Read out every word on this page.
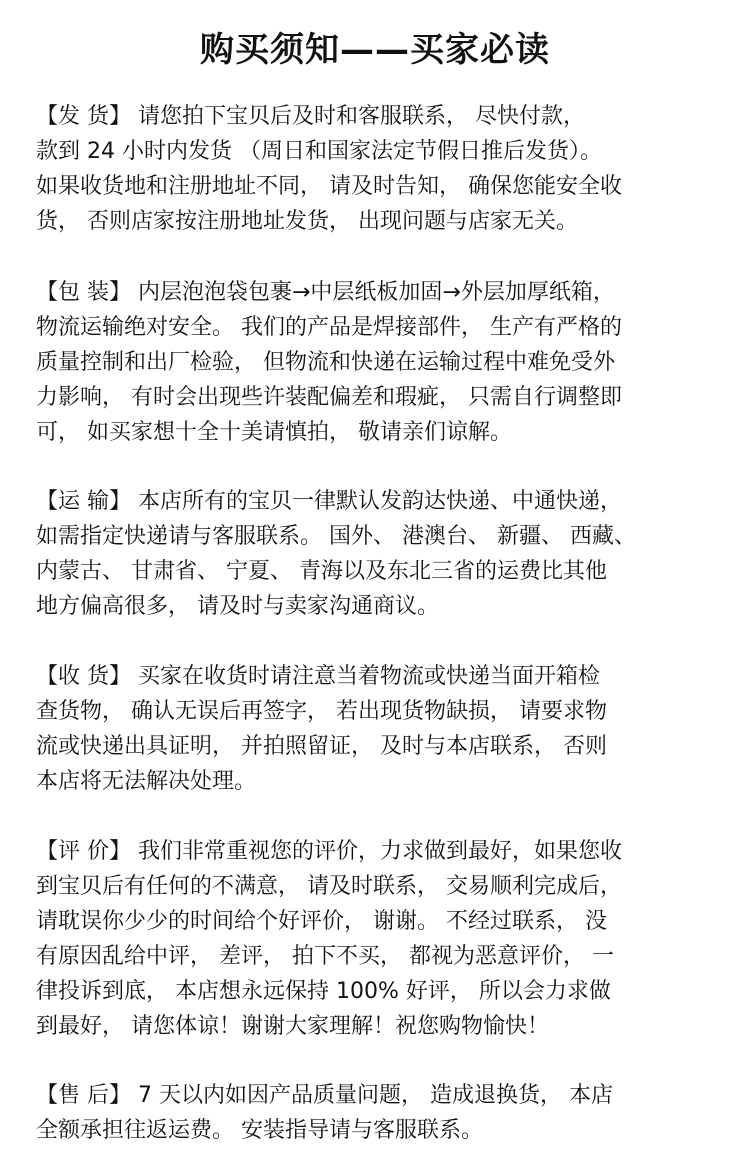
购买须知——买家必读
【发 货】 请您拍下宝贝后及时和客服联系， 尽快付款，
款到 24 小时内发货 （周日和国家法定节假日推后发货）。
如果收货地和注册地址不同， 请及时告知， 确保您能安全收
货， 否则店家按注册地址发货， 出现问题与店家无关。
【包 装】 内层泡泡袋包裹→中层纸板加固→外层加厚纸箱，
物流运输绝对安全。 我们的产品是焊接部件， 生产有严格的
质量控制和出厂检验， 但物流和快递在运输过程中难免受外
力影响， 有时会出现些许装配偏差和瑕疵， 只需自行调整即
可， 如买家想十全十美请慎拍， 敬请亲们谅解。
【运 输】 本店所有的宝贝一律默认发韵达快递、中通快递，
如需指定快递请与客服联系。 国外、 港澳台、 新疆、 西藏、
内蒙古、 甘肃省、 宁夏、 青海以及东北三省的运费比其他
地方偏高很多， 请及时与卖家沟通商议。
【收 货】 买家在收货时请注意当着物流或快递当面开箱检
查货物， 确认无误后再签字， 若出现货物缺损， 请要求物
流或快递出具证明， 并拍照留证， 及时与本店联系， 否则
本店将无法解决处理。
【评 价】 我们非常重视您的评价，力求做到最好，如果您收
到宝贝后有任何的不满意， 请及时联系， 交易顺利完成后，
请耽误你少少的时间给个好评价， 谢谢。 不经过联系， 没
有原因乱给中评， 差评， 拍下不买， 都视为恶意评价， 一
律投诉到底， 本店想永远保持 100% 好评， 所以会力求做
到最好， 请您体谅！谢谢大家理解！祝您购物愉快！
【售 后】 7 天以内如因产品质量问题， 造成退换货， 本店
全额承担往返运费。 安装指导请与客服联系。
